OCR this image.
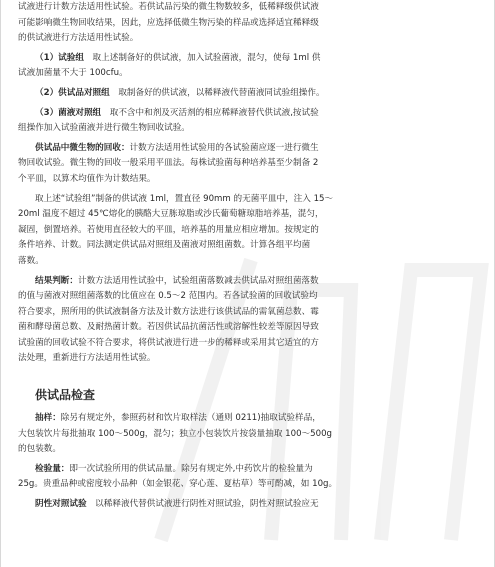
试液进行计数方法适用性试验。若供试品污染的微生物数较多，低稀释级供试液
可能影响微生物回收结果，因此，应选择低微生物污染的样品或选择适宜稀释级
的供试液进行方法适用性试验。
（1）试验组　取上述制备好的供试液，加入试验菌液，混匀，使每 1ml 供
试液加菌量不大于 100cfu。
（2）供试品对照组　取制备好的供试液，以稀释液代替菌液同试验组操作。
（3）菌液对照组　取不含中和剂及灭活剂的相应稀释液替代供试液,按试验
组操作加入试验菌液并进行微生物回收试验。
供试品中微生物的回收：计数方法适用性试验用的各试验菌应逐一进行微生
物回收试验。微生物的回收一般采用平皿法。每株试验菌每种培养基至少制备 2
个平皿，以算术均值作为计数结果。
取上述“试验组”制备的供试液 1ml，置直径 90mm 的无菌平皿中，注入 15～
20ml 温度不超过 45℃熔化的胰酪大豆胨琼脂或沙氏葡萄糖琼脂培养基，混匀，
凝固，倒置培养。若使用直径较大的平皿，培养基的用量应相应增加。按规定的
条件培养、计数。同法测定供试品对照组及菌液对照组菌数。计算各组平均菌
落数。
结果判断：计数方法适用性试验中，试验组菌落数减去供试品对照组菌落数
的值与菌液对照组菌落数的比值应在 0.5～2 范围内。若各试验菌的回收试验均
符合要求，照所用的供试液制备方法及计数方法进行该供试品的需氧菌总数、霉
菌和酵母菌总数、及耐热菌计数。若因供试品抗菌活性或溶解性较差等原因导致
试验菌的回收试验不符合要求，将供试液进行进一步的稀释或采用其它适宜的方
法处理，重新进行方法适用性试验。
供试品检查
抽样：除另有规定外，参照药材和饮片取样法（通则 0211)抽取试验样品，
大包装饮片每批抽取 100～500g，混匀；独立小包装饮片按袋量抽取 100～500g
的包装数。
检验量：即一次试验所用的供试品量。除另有规定外,中药饮片的检验量为
25g。贵重品种或密度较小品种（如金银花、穿心莲、夏枯草）等可酌减，如 10g。
阴性对照试验　以稀释液代替供试液进行阴性对照试验，阴性对照试验应无
